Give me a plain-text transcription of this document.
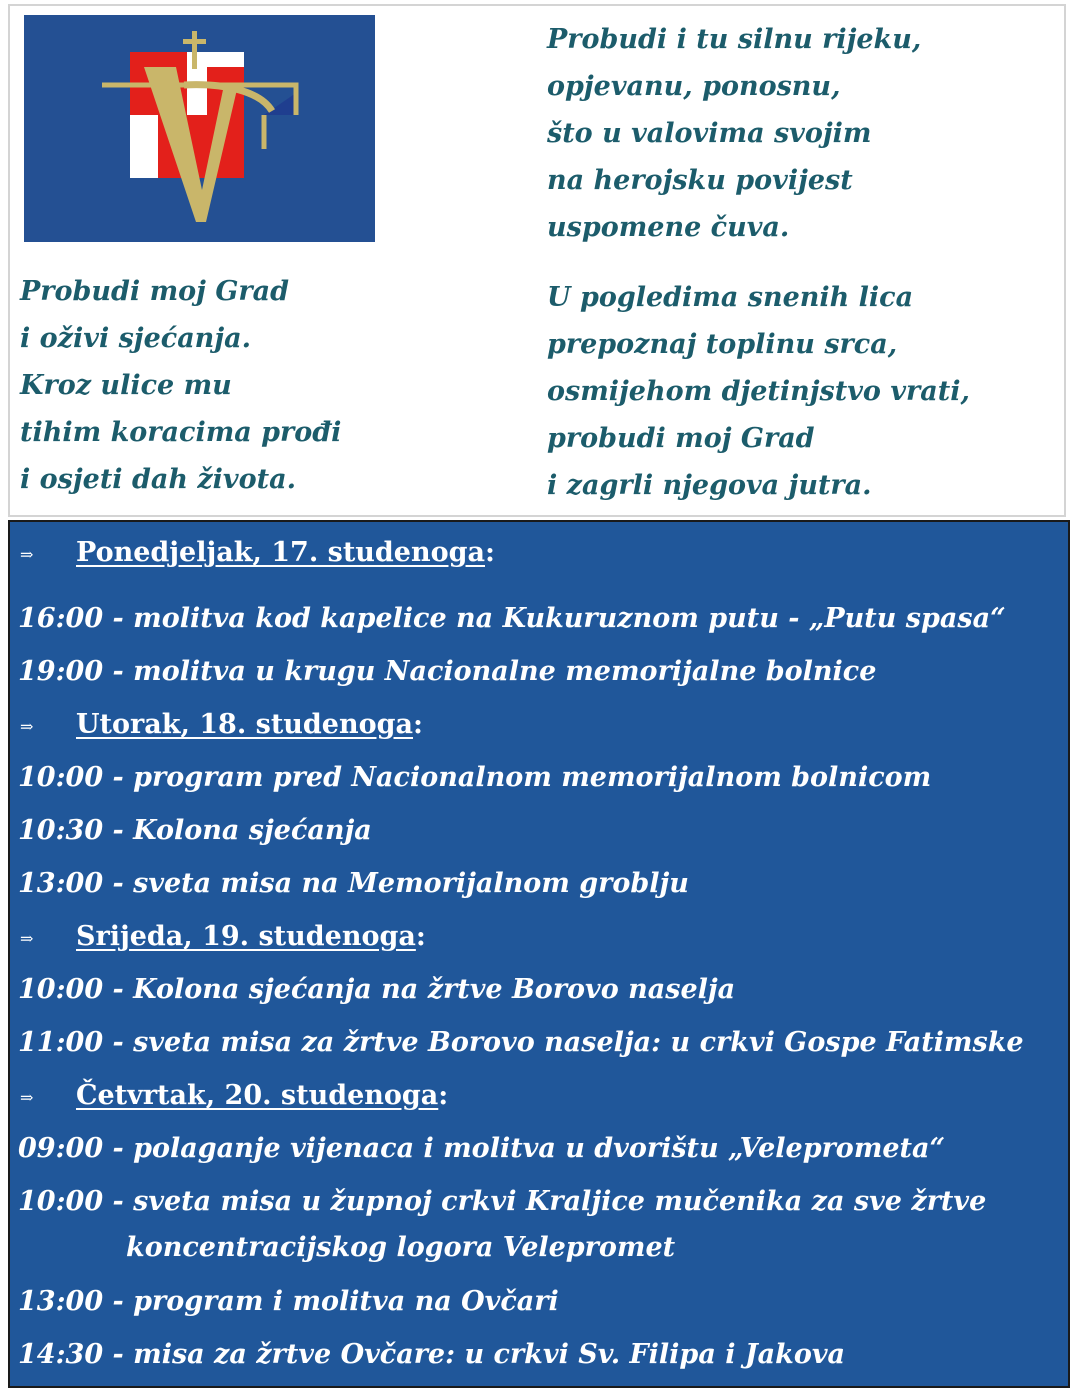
Probudi moj Grad
i oživi sjećanja.
Kroz ulice mu
tihim koracima prođi
i osjeti dah života.
Probudi i tu silnu rijeku,
opjevanu, ponosnu,
što u valovima svojim
na herojsku povijest
uspomene čuva.
U pogledima snenih lica
prepoznaj toplinu srca,
osmijehom djetinjstvo vrati,
probudi moj Grad
i zagrli njegova jutra.
⇒ Ponedjeljak, 17. studenoga:

16:00 - molitva kod kapelice na Kukuruznom putu - „Putu spasa“

19:00 - molitva u krugu Nacionalne memorijalne bolnice

⇒ Utorak, 18. studenoga:

10:00 - program pred Nacionalnom memorijalnom bolnicom

10:30 - Kolona sjećanja

13:00 - sveta misa na Memorijalnom groblju

⇒ Srijeda, 19. studenoga:

10:00 - Kolona sjećanja na žrtve Borovo naselja

11:00 - sveta misa za žrtve Borovo naselja: u crkvi Gospe Fatimske

⇒ Četvrtak, 20. studenoga:

09:00 - polaganje vijenaca i molitva u dvorištu „Veleprometa“

10:00 - sveta misa u župnoj crkvi Kraljice mučenika za sve žrtve

koncentracijskog logora Velepromet

13:00 - program i molitva na Ovčari

14:30 - misa za žrtve Ovčare: u crkvi Sv. Filipa i Jakova
